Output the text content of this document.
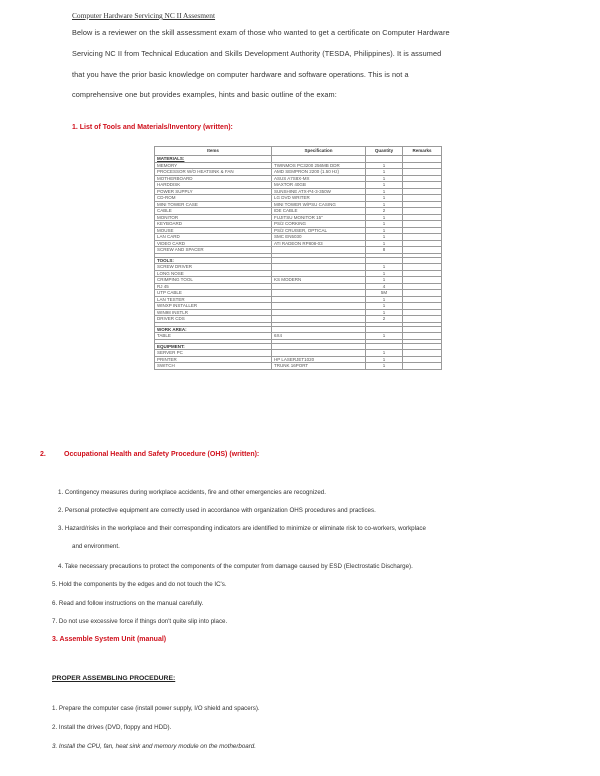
Computer Hardware Servicing NC II Assesment
Below is a reviewer on the skill assessment exam of those who wanted to get a certificate on Computer Hardware
Servicing NC II from Technical Education and Skills Development Authority (TESDA, Philippines). It is assumed
that you have the prior basic knowledge on computer hardware and software operations. This is not a
comprehensive one but provides examples, hints and basic outline of the exam:
1. List of Tools and Materials/Inventory (written):
Items	Specification	Quantity	Remarks
MATERIALS:			
MEMORY	TWINMOS PC3200 256MB DDR	1	
PROCESSOR W/O HEATSINK & FAN	AMD SEMPRON 2200 (1.50 Hz)	1	
MOTHERBOARD	ASUS A7S8X-MX	1	
HARDDISK	MAXTOR 40GB	1	
POWER SUPPLY	SUNSHINE ATX-P4-3-350W	1	
CD-ROM	LG DVD WRITER	1	
MINI TOWER CASE	MINI TOWER W/PSU CASING	1	
CABLE	IDE CABLE	2	
MONITOR	FUJITSU MONITOR 15"	1	
KEYBOARD	PS/2 CORKING	1	
MOUSE	PS/2 CRUISER, OPTICAL	1	
LAN CARD	SMC EN5030	1	
VIDEO CARD	ATI RADEON RP808-03	1	
SCREW AND SPACER		8	

TOOLS:			
SCREW DRIVER		1	
LONG NOSE		1	
CRIMPING TOOL	KS MODERN	1	
RJ 45		4	
UTP CABLE		5M	
LAN TESTER		1	
WINXP INSTALLER		1	
WIN98 INSTLR		1	
DRIVER CDS		2	

WORK AREA:			
TABLE	6X4	1	

EQUIPMENT:			
SERVER PC		1	
PRINTER	HP LASERJET1020	1	
SWITCH	TRUNK 16PORT	1	
2.	Occupational Health and Safety Procedure (OHS) (written):
1. Contingency measures during workplace accidents, fire and other emergencies are recognized.
2. Personal protective equipment are correctly used in accordance with organization OHS procedures and practices.
3. Hazard/risks in the workplace and their corresponding indicators are identified to minimize or eliminate risk to co-workers, workplace
and environment.
4. Take necessary precautions to protect the components of the computer from damage caused by ESD (Electrostatic Discharge).
5. Hold the components by the edges and do not touch the IC's.
6. Read and follow instructions on the manual carefully.
7. Do not use excessive force if things don't quite slip into place.
3. Assemble System Unit (manual)
PROPER ASSEMBLING PROCEDURE:
1. Prepare the computer case (install power supply, I/O shield and spacers).
2. Install the drives (DVD, floppy and HDD).
3. Install the CPU, fan, heat sink and memory module on the motherboard.
